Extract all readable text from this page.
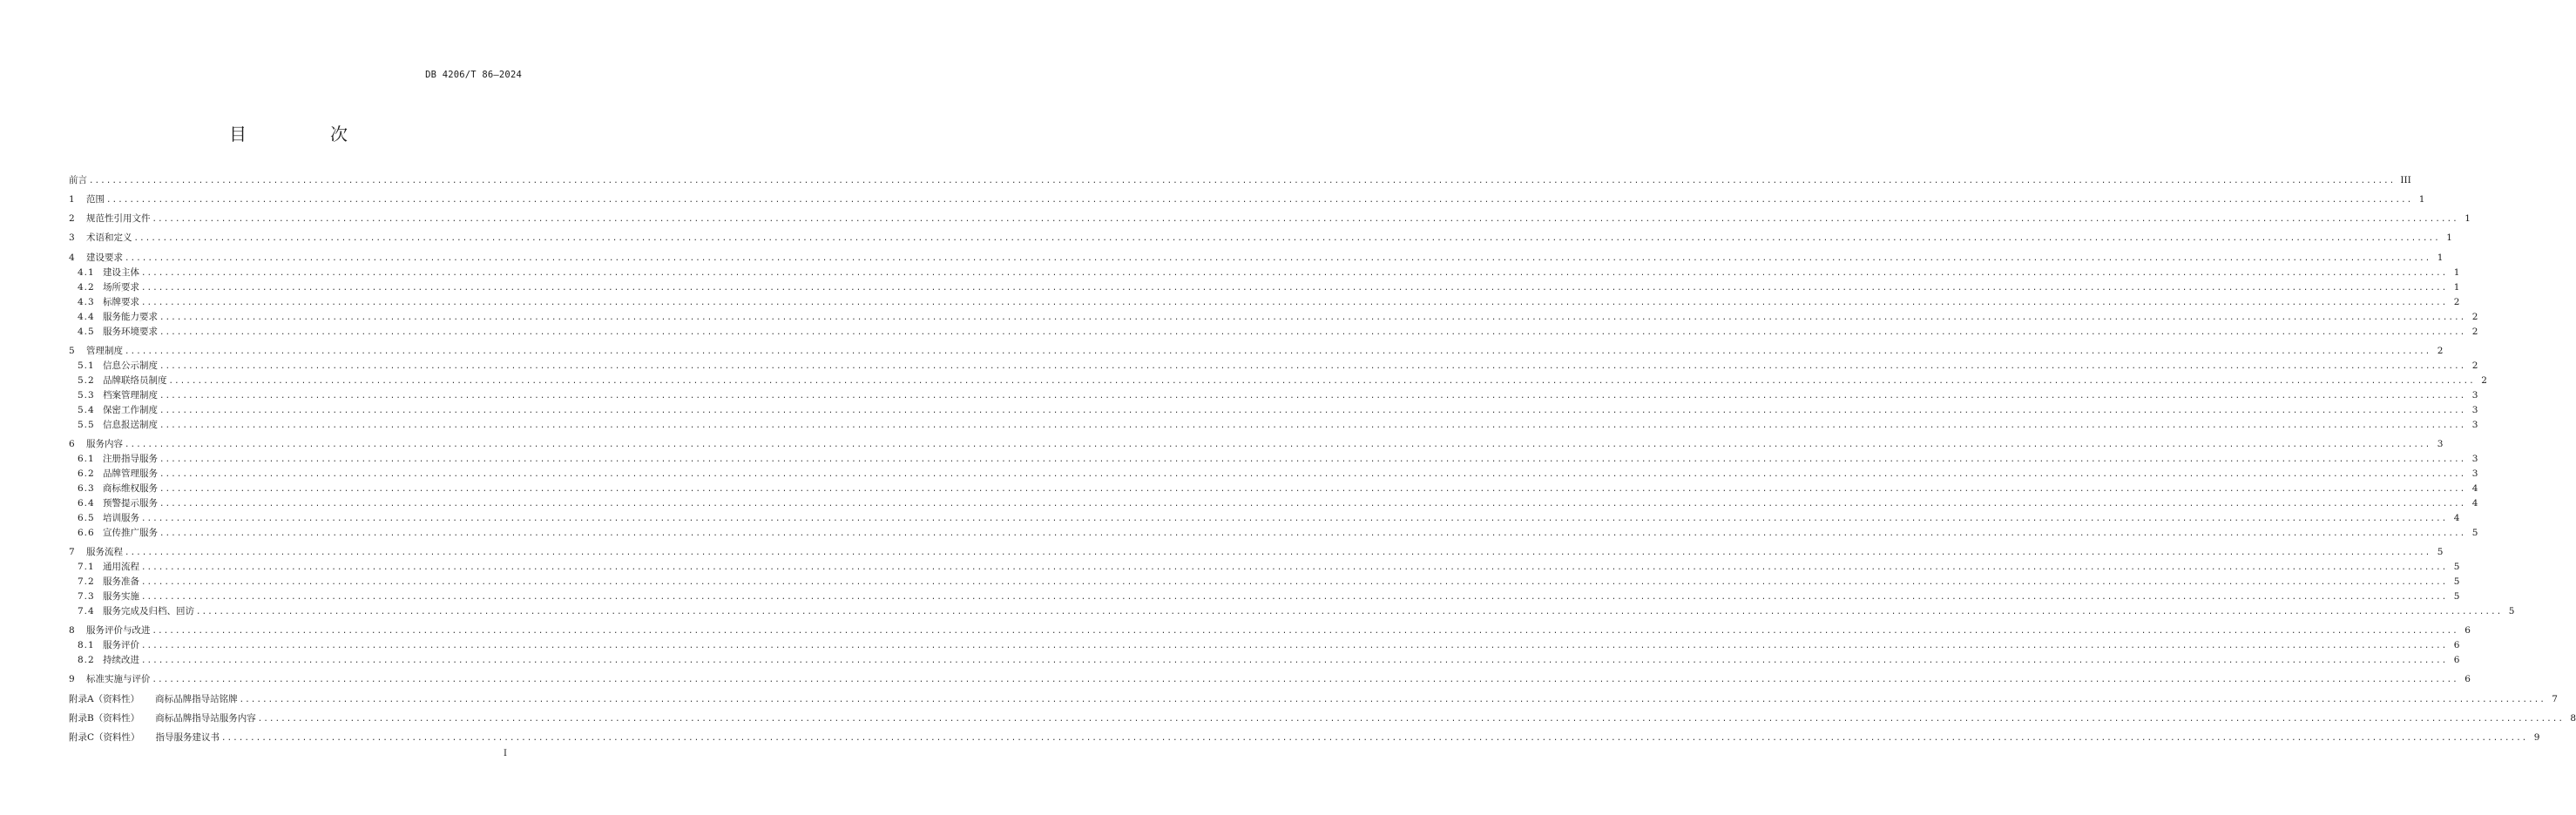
DB 4206/T 86—2024
目　次
前言 ................................................................................................................................................................................................................................................................................................................................................................................................................ III
1	范围 ................................................................................................................................................................................................................................................................................................................................................................................................................ 1
2	规范性引用文件 ................................................................................................................................................................................................................................................................................................................................................................................................................ 1
3	术语和定义 ................................................................................................................................................................................................................................................................................................................................................................................................................ 1
4	建设要求 ................................................................................................................................................................................................................................................................................................................................................................................................................ 1
4.1 建设主体 ................................................................................................................................................................................................................................................................................................................................................................................................................ 1
4.2 场所要求 ................................................................................................................................................................................................................................................................................................................................................................................................................ 1
4.3 标牌要求 ................................................................................................................................................................................................................................................................................................................................................................................................................ 2
4.4 服务能力要求 ................................................................................................................................................................................................................................................................................................................................................................................................................ 2
4.5 服务环境要求 ................................................................................................................................................................................................................................................................................................................................................................................................................ 2
5	管理制度 ................................................................................................................................................................................................................................................................................................................................................................................................................ 2
5.1 信息公示制度 ................................................................................................................................................................................................................................................................................................................................................................................................................ 2
5.2 品牌联络员制度 ................................................................................................................................................................................................................................................................................................................................................................................................................ 2
5.3 档案管理制度 ................................................................................................................................................................................................................................................................................................................................................................................................................ 3
5.4 保密工作制度 ................................................................................................................................................................................................................................................................................................................................................................................................................ 3
5.5 信息报送制度 ................................................................................................................................................................................................................................................................................................................................................................................................................ 3
6	服务内容 ................................................................................................................................................................................................................................................................................................................................................................................................................ 3
6.1 注册指导服务 ................................................................................................................................................................................................................................................................................................................................................................................................................ 3
6.2 品牌管理服务 ................................................................................................................................................................................................................................................................................................................................................................................................................ 3
6.3 商标维权服务 ................................................................................................................................................................................................................................................................................................................................................................................................................ 4
6.4 预警提示服务 ................................................................................................................................................................................................................................................................................................................................................................................................................ 4
6.5 培训服务 ................................................................................................................................................................................................................................................................................................................................................................................................................ 4
6.6 宣传推广服务 ................................................................................................................................................................................................................................................................................................................................................................................................................ 5
7	服务流程 ................................................................................................................................................................................................................................................................................................................................................................................................................ 5
7.1 通用流程 ................................................................................................................................................................................................................................................................................................................................................................................................................ 5
7.2 服务准备 ................................................................................................................................................................................................................................................................................................................................................................................................................ 5
7.3 服务实施 ................................................................................................................................................................................................................................................................................................................................................................................................................ 5
7.4 服务完成及归档、回访 ................................................................................................................................................................................................................................................................................................................................................................................................................ 5
8	服务评价与改进 ................................................................................................................................................................................................................................................................................................................................................................................................................ 6
8.1 服务评价 ................................................................................................................................................................................................................................................................................................................................................................................................................ 6
8.2 持续改进 ................................................................................................................................................................................................................................................................................................................................................................................................................ 6
9	标准实施与评价 ................................................................................................................................................................................................................................................................................................................................................................................................................ 6
附录A（资料性） 商标品牌指导站铭牌 ................................................................................................................................................................................................................................................................................................................................................................................................................ 7
附录B（资料性） 商标品牌指导站服务内容 ................................................................................................................................................................................................................................................................................................................................................................................................................ 8
附录C（资料性） 指导服务建议书 ................................................................................................................................................................................................................................................................................................................................................................................................................ 9
I
